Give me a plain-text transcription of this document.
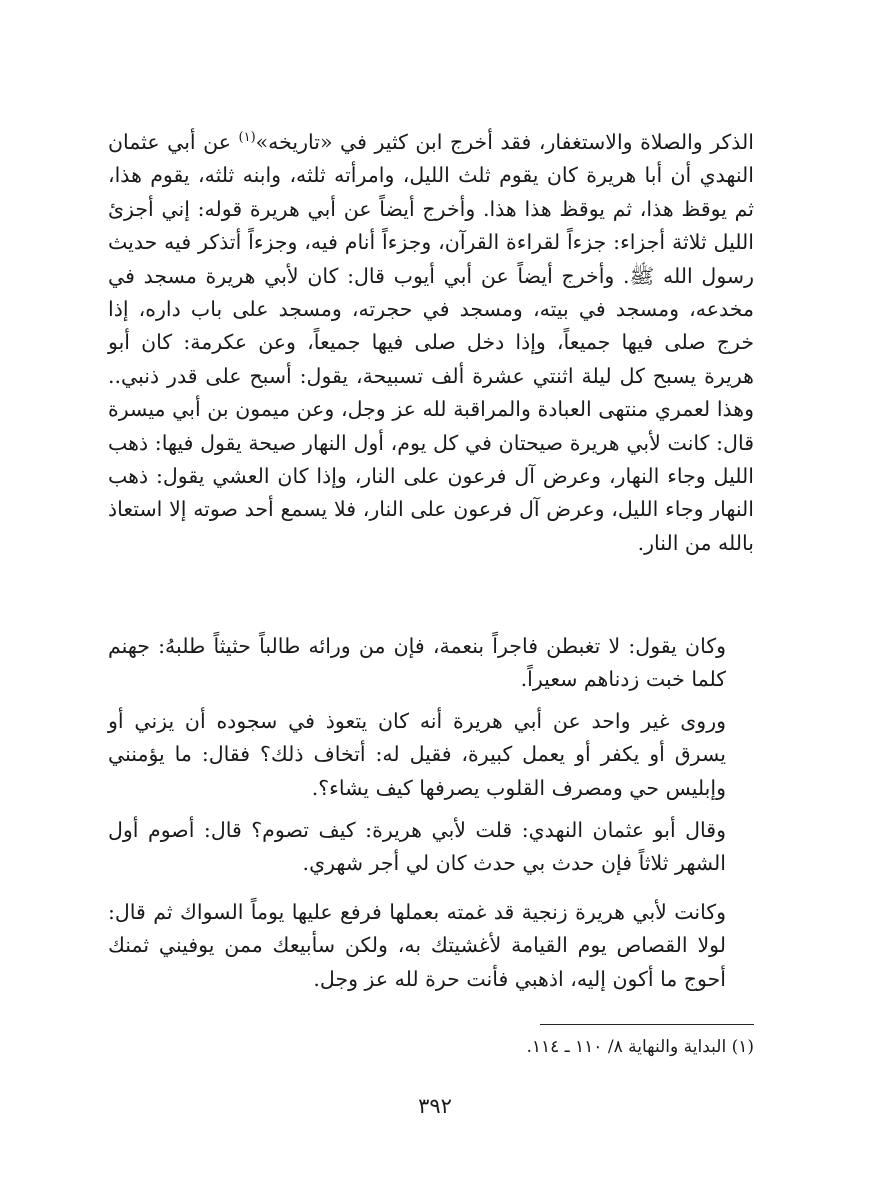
الذكر والصلاة والاستغفار، فقد أخرج ابن كثير في «تاريخه»$^{(١)}$ عن أبي عثمان النهدي أن أبا هريرة كان يقوم ثلث الليل، وامرأته ثلثه، وابنه ثلثه، يقوم هذا، ثم يوقظ هذا، ثم يوقظ هذا هذا. وأخرج أيضاً عن أبي هريرة قوله: إني أجزئ الليل ثلاثة أجزاء: جزءاً لقراءة القرآن، وجزءاً أنام فيه، وجزءاً أتذكر فيه حديث رسول الله ﷺ. وأخرج أيضاً عن أبي أيوب قال: كان لأبي هريرة مسجد في مخدعه، ومسجد في بيته، ومسجد في حجرته، ومسجد على باب داره، إذا خرج صلى فيها جميعاً، وإذا دخل صلى فيها جميعاً، وعن عكرمة: كان أبو هريرة يسبح كل ليلة اثنتي عشرة ألف تسبيحة، يقول: أسبح على قدر ذنبي.. وهذا لعمري منتهى العبادة والمراقبة لله عز وجل، وعن ميمون بن أبي ميسرة قال: كانت لأبي هريرة صيحتان في كل يوم، أول النهار صيحة يقول فيها: ذهب الليل وجاء النهار، وعرض آل فرعون على النار، وإذا كان العشي يقول: ذهب النهار وجاء الليل، وعرض آل فرعون على النار، فلا يسمع أحد صوته إلا استعاذ بالله من النار.

وكان يقول: لا تغبطن فاجراً بنعمة، فإن من ورائه طالباً حثيثاً طلبهُ: جهنم كلما خبت زدناهم سعيراً.

وروى غير واحد عن أبي هريرة أنه كان يتعوذ في سجوده أن يزني أو يسرق أو يكفر أو يعمل كبيرة، فقيل له: أتخاف ذلك؟ فقال: ما يؤمنني وإبليس حي ومصرف القلوب يصرفها كيف يشاء؟.

وقال أبو عثمان النهدي: قلت لأبي هريرة: كيف تصوم؟ قال: أصوم أول الشهر ثلاثاً فإن حدث بي حدث كان لي أجر شهري.

وكانت لأبي هريرة زنجية قد غمته بعملها فرفع عليها يوماً السواك ثم قال: لولا القصاص يوم القيامة لأغشيتك به، ولكن سأبيعك ممن يوفيني ثمنك أحوج ما أكون إليه، اذهبي فأنت حرة لله عز وجل.

(١) البداية والنهاية ٨/ ١١٠ ـ ١١٤.
٣٩٢
